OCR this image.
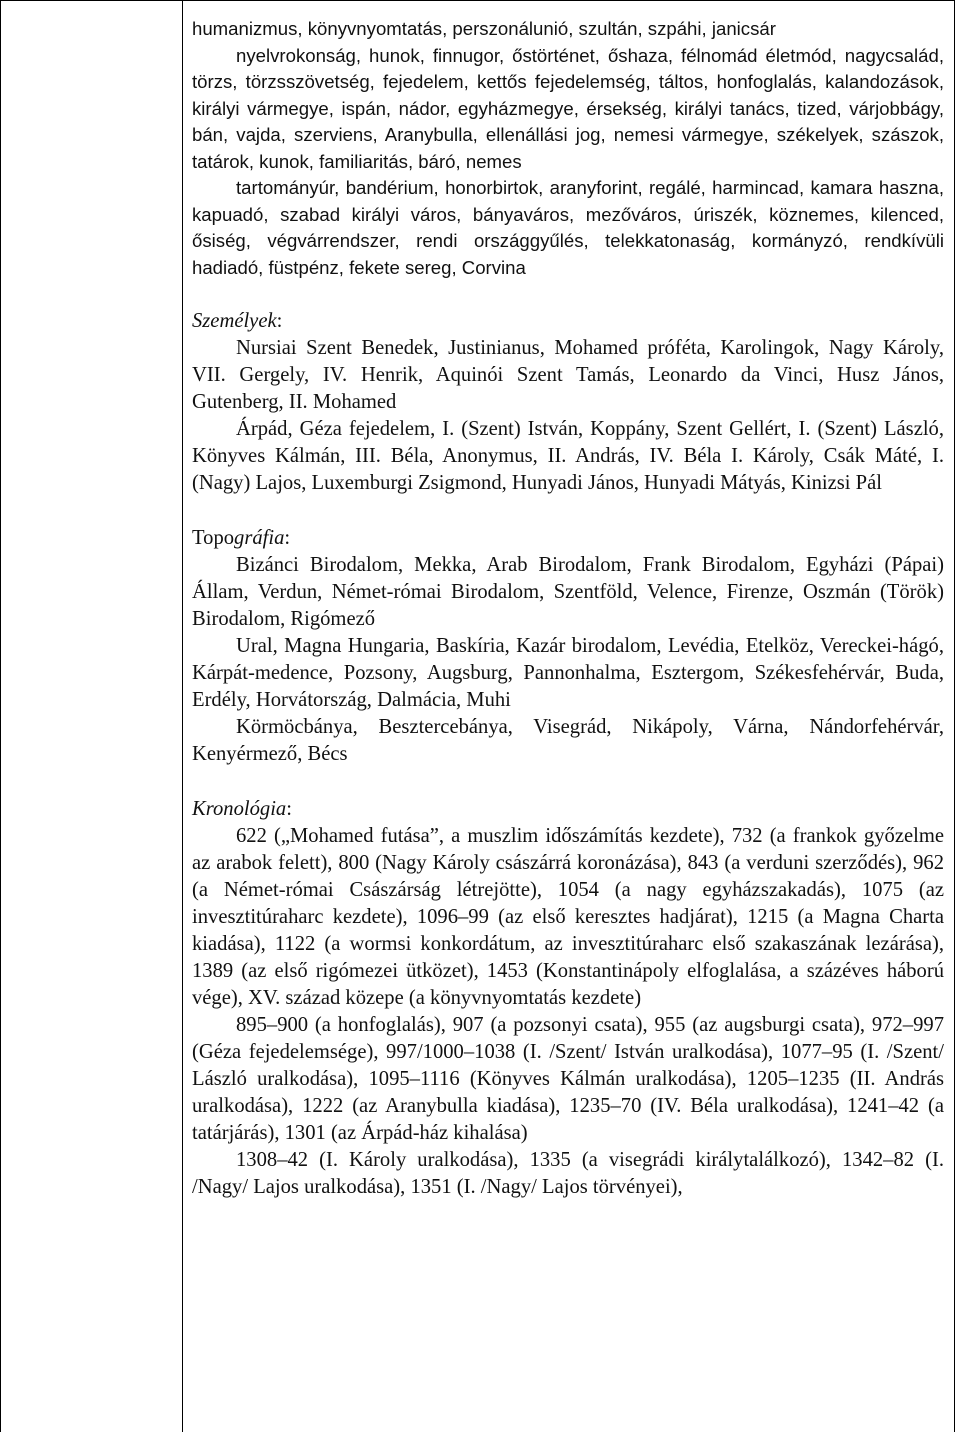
humanizmus, könyvnyomtatás, perszonálunió, szultán, szpáhi, janicsár

nyelvrokonság, hunok, finnugor, őstörténet, őshaza, félnomád életmód, nagycsalád, törzs, törzsszövetség, fejedelem, kettős fejedelemség, táltos, honfoglalás, kalandozások, királyi vármegye, ispán, nádor, egyházmegye, érsekség, királyi tanács, tized, várjobbágy, bán, vajda, szerviens, Aranybulla, ellenállási jog, nemesi vármegye, székelyek, szászok, tatárok, kunok, familiaritás, báró, nemes

tartományúr, bandérium, honorbirtok, aranyforint, regálé, harmincad, kamara haszna, kapuadó, szabad királyi város, bányaváros, mezőváros, úriszék, köznemes, kilenced, ősiség, végvárrendszer, rendi országgyűlés, telekkatonaság, kormányzó, rendkívüli hadiadó, füstpénz, fekete sereg, Corvina

Személyek:

Nursiai Szent Benedek, Justinianus, Mohamed próféta, Karolingok, Nagy Károly, VII. Gergely, IV. Henrik, Aquinói Szent Tamás, Leonardo da Vinci, Husz János, Gutenberg, II. Mohamed

Árpád, Géza fejedelem, I. (Szent) István, Koppány, Szent Gellért, I. (Szent) László, Könyves Kálmán, III. Béla, Anonymus, II. András, IV. Béla I. Károly, Csák Máté, I. (Nagy) Lajos, Luxemburgi Zsigmond, Hunyadi János, Hunyadi Mátyás, Kinizsi Pál

Topográfia:

Bizánci Birodalom, Mekka, Arab Birodalom, Frank Birodalom, Egyházi (Pápai) Állam, Verdun, Német-római Birodalom, Szentföld, Velence, Firenze, Oszmán (Török) Birodalom, Rigómező

Ural, Magna Hungaria, Baskíria, Kazár birodalom, Levédia, Etelköz, Vereckei-hágó, Kárpát-medence, Pozsony, Augsburg, Pannonhalma, Esztergom, Székesfehérvár, Buda, Erdély, Horvátország, Dalmácia, Muhi

Körmöcbánya, Besztercebánya, Visegrád, Nikápoly, Várna, Nándorfehérvár, Kenyérmező, Bécs

Kronológia:

622 („Mohamed futása”, a muszlim időszámítás kezdete), 732 (a frankok győzelme az arabok felett), 800 (Nagy Károly császárrá koronázása), 843 (a verduni szerződés), 962 (a Német-római Császárság létrejötte), 1054 (a nagy egyházszakadás), 1075 (az invesztitúraharc kezdete), 1096–99 (az első keresztes hadjárat), 1215 (a Magna Charta kiadása), 1122 (a wormsi konkordátum, az invesztitúraharc első szakaszának lezárása), 1389 (az első rigómezei ütközet), 1453 (Konstantinápoly elfoglalása, a százéves háború vége), XV. század közepe (a könyvnyomtatás kezdete)

895–900 (a honfoglalás), 907 (a pozsonyi csata), 955 (az augsburgi csata), 972–997 (Géza fejedelemsége), 997/1000–1038 (I. /Szent/ István uralkodása), 1077–95 (I. /Szent/ László uralkodása), 1095–1116 (Könyves Kálmán uralkodása), 1205–1235 (II. András uralkodása), 1222 (az Aranybulla kiadása), 1235–70 (IV. Béla uralkodása), 1241–42 (a tatárjárás), 1301 (az Árpád-ház kihalása)

1308–42 (I. Károly uralkodása), 1335 (a visegrádi királytalálkozó), 1342–82 (I. /Nagy/ Lajos uralkodása), 1351 (I. /Nagy/ Lajos törvényei),
